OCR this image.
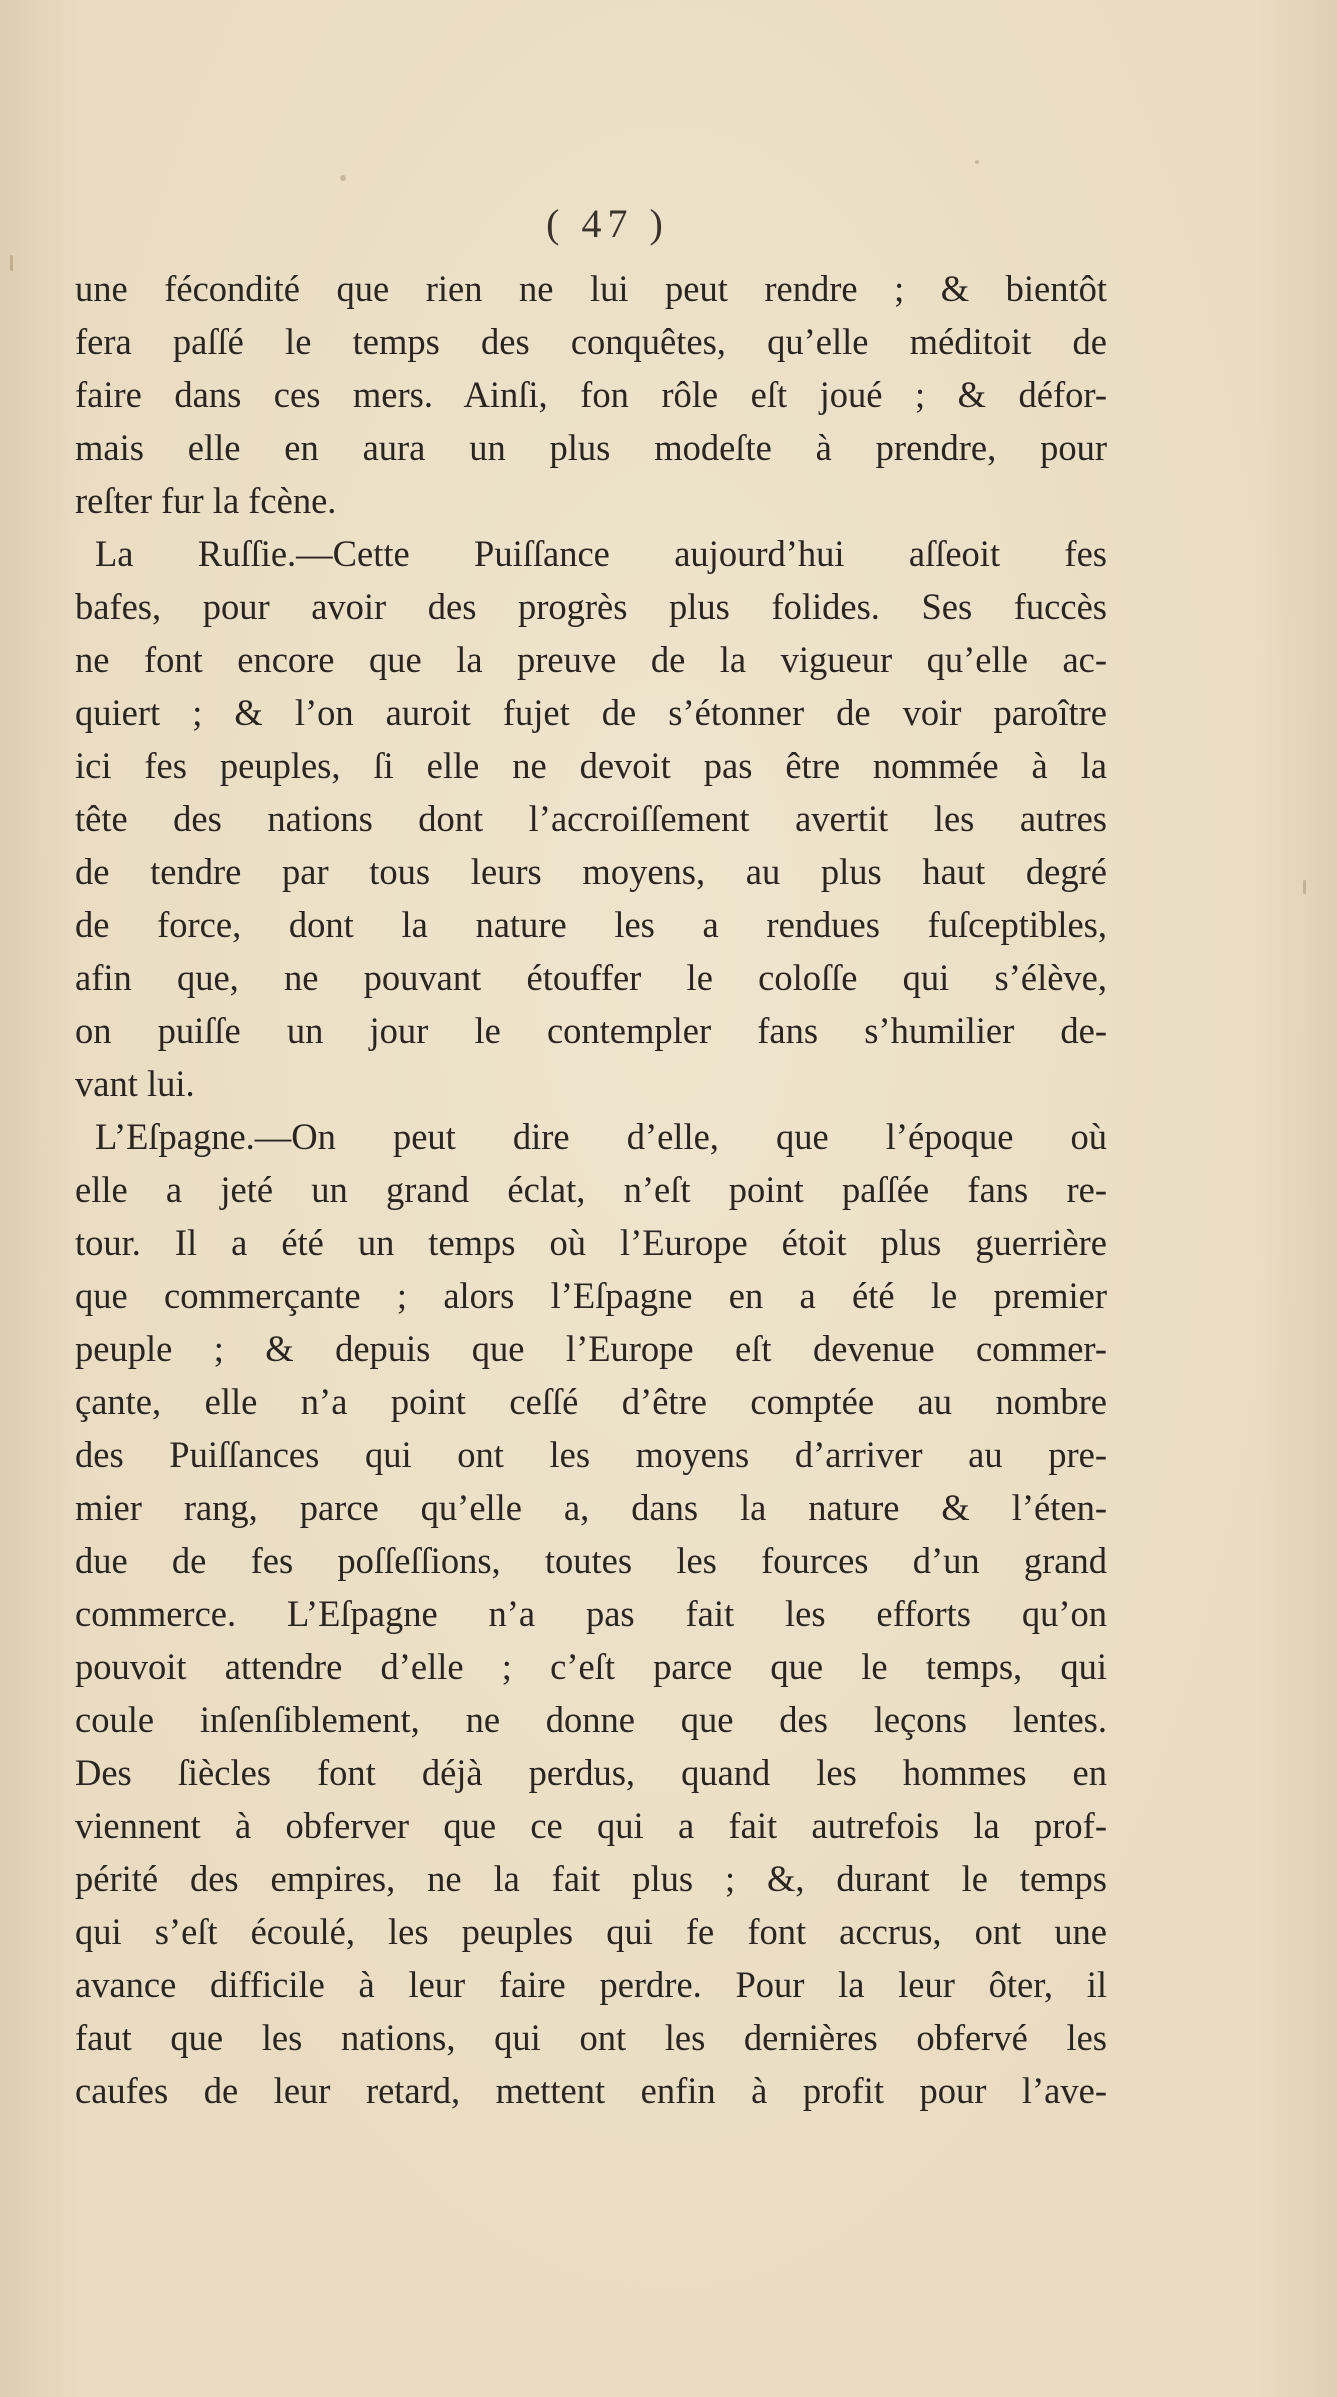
( 47 )
une fécondité que rien ne lui peut rendre ; & bientôt
fera paſſé le temps des conquêtes, qu’elle méditoit de
faire dans ces mers. Ainſi, fon rôle eſt joué ; & défor-
mais elle en aura un plus modeſte à prendre, pour
reſter fur la fcène.
La Ruſſie.—Cette Puiſſance aujourd’hui aſſeoit fes
bafes, pour avoir des progrès plus folides. Ses fuccès
ne font encore que la preuve de la vigueur qu’elle ac-
quiert ; & l’on auroit fujet de s’étonner de voir paroître
ici fes peuples, ſi elle ne devoit pas être nommée à la
tête des nations dont l’accroiſſement avertit les autres
de tendre par tous leurs moyens, au plus haut degré
de force, dont la nature les a rendues fuſceptibles,
afin que, ne pouvant étouffer le coloſſe qui s’élève,
on puiſſe un jour le contempler fans s’humilier de-
vant lui.
L’Eſpagne.—On peut dire d’elle, que l’époque où
elle a jeté un grand éclat, n’eſt point paſſée fans re-
tour. Il a été un temps où l’Europe étoit plus guerrière
que commerçante ; alors l’Eſpagne en a été le premier
peuple ; & depuis que l’Europe eſt devenue commer-
çante, elle n’a point ceſſé d’être comptée au nombre
des Puiſſances qui ont les moyens d’arriver au pre-
mier rang, parce qu’elle a, dans la nature & l’éten-
due de fes poſſeſſions, toutes les fources d’un grand
commerce. L’Eſpagne n’a pas fait les efforts qu’on
pouvoit attendre d’elle ; c’eſt parce que le temps, qui
coule inſenſiblement, ne donne que des leçons lentes.
Des ſiècles font déjà perdus, quand les hommes en
viennent à obferver que ce qui a fait autrefois la prof-
périté des empires, ne la fait plus ; &, durant le temps
qui s’eſt écoulé, les peuples qui fe font accrus, ont une
avance difficile à leur faire perdre. Pour la leur ôter, il
faut que les nations, qui ont les dernières obfervé les
caufes de leur retard, mettent enfin à profit pour l’ave-
